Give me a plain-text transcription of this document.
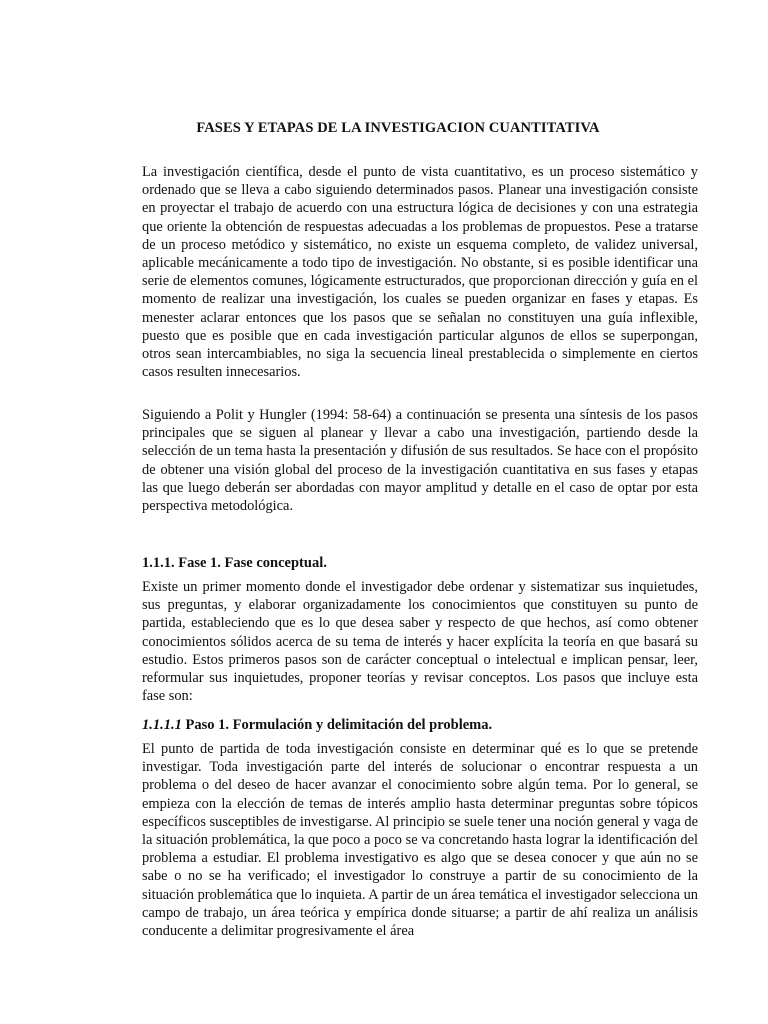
FASES Y ETAPAS DE LA INVESTIGACION CUANTITATIVA

La investigación científica, desde el punto de vista cuantitativo, es un proceso sistemático y ordenado que se lleva a cabo siguiendo determinados pasos. Planear una investigación consiste en proyectar el trabajo de acuerdo con una estructura lógica de decisiones y con una estrategia que oriente la obtención de respuestas adecuadas a los problemas de propuestos. Pese a tratarse de un proceso metódico y sistemático, no existe un esquema completo, de validez universal, aplicable mecánicamente a todo tipo de investigación. No obstante, si es posible identificar una serie de elementos comunes, lógicamente estructurados, que proporcionan dirección y guía en el momento de realizar una investigación, los cuales se pueden organizar en fases y etapas. Es menester aclarar entonces que los pasos que se señalan no constituyen una guía inflexible, puesto que es posible que en cada investigación particular algunos de ellos se superpongan, otros sean intercambiables, no siga la secuencia lineal prestablecida o simplemente en ciertos casos resulten innecesarios.

Siguiendo a Polit y Hungler (1994: 58-64) a continuación se presenta una síntesis de los pasos principales que se siguen al planear y llevar a cabo una investigación, partiendo desde la selección de un tema hasta la presentación y difusión de sus resultados. Se hace con el propósito de obtener una visión global del proceso de la investigación cuantitativa en sus fases y etapas las que luego deberán ser abordadas con mayor amplitud y detalle en el caso de optar por esta perspectiva metodológica.

1.1.1. Fase 1. Fase conceptual.

Existe un primer momento donde el investigador debe ordenar y sistematizar sus inquietudes, sus preguntas, y elaborar organizadamente los conocimientos que constituyen su punto de partida, estableciendo que es lo que desea saber y respecto de que hechos, así como obtener conocimientos sólidos acerca de su tema de interés y hacer explícita la teoría en que basará su estudio. Estos primeros pasos son de carácter conceptual o intelectual e implican pensar, leer, reformular sus inquietudes, proponer teorías y revisar conceptos. Los pasos que incluye esta fase son:

1.1.1.1 Paso 1. Formulación y delimitación del problema.

El punto de partida de toda investigación consiste en determinar qué es lo que se pretende investigar. Toda investigación parte del interés de solucionar o encontrar respuesta a un problema o del deseo de hacer avanzar el conocimiento sobre algún tema. Por lo general, se empieza con la elección de temas de interés amplio hasta determinar preguntas sobre tópicos específicos susceptibles de investigarse. Al principio se suele tener una noción general y vaga de la situación problemática, la que poco a poco se va concretando hasta lograr la identificación del problema a estudiar. El problema investigativo es algo que se desea conocer y que aún no se sabe o no se ha verificado; el investigador lo construye a partir de su conocimiento de la situación problemática que lo inquieta. A partir de un área temática el investigador selecciona un campo de trabajo, un área teórica y empírica donde situarse; a partir de ahí realiza un análisis conducente a delimitar progresivamente el área
